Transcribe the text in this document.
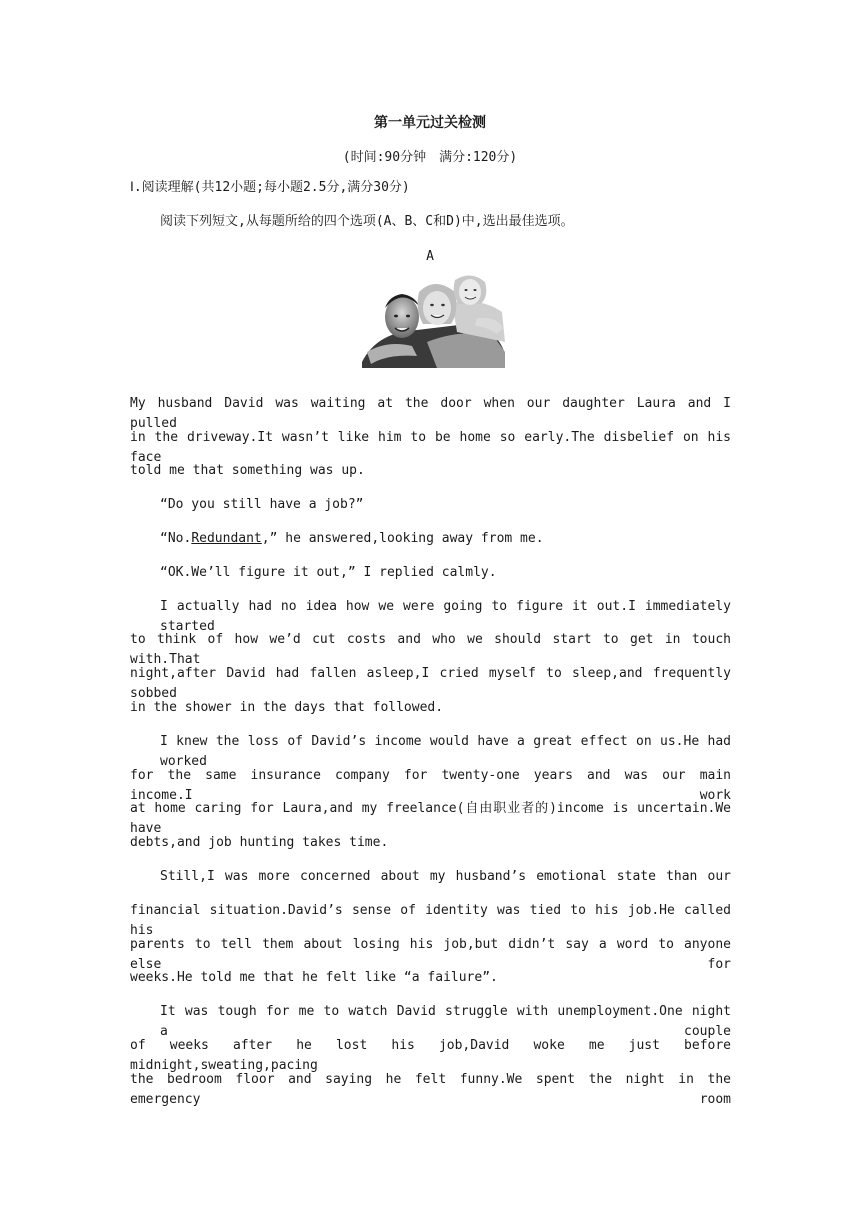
第一单元过关检测
(时间:90分钟　满分:120分)
Ⅰ.阅读理解(共12小题;每小题2.5分,满分30分)
阅读下列短文,从每题所给的四个选项(A、B、C和D)中,选出最佳选项。
A
My husband David was waiting at the door when our daughter Laura and I pulled
in the driveway.It wasn’t like him to be home so early.The disbelief on his face
told me that something was up.
“Do you still have a job?”
“No.Redundant,” he answered,looking away from me.
“OK.We’ll figure it out,” I replied calmly.
I actually had no idea how we were going to figure it out.I immediately started
to think of how we’d cut costs and who we should start to get in touch with.That
night,after David had fallen asleep,I cried myself to sleep,and frequently sobbed
in the shower in the days that followed.
I knew the loss of David’s income would have a great effect on us.He had worked
for the same insurance company for twenty-one years and was our main income.I work
at home caring for Laura,and my freelance(自由职业者的)income is uncertain.We have
debts,and job hunting takes time.
Still,I was more concerned about my husband’s emotional state than our
financial situation.David’s sense of identity was tied to his job.He called his
parents to tell them about losing his job,but didn’t say a word to anyone else for
weeks.He told me that he felt like “a failure”.
It was tough for me to watch David struggle with unemployment.One night a couple
of weeks after he lost his job,David woke me just before midnight,sweating,pacing
the bedroom floor and saying he felt funny.We spent the night in the emergency room
